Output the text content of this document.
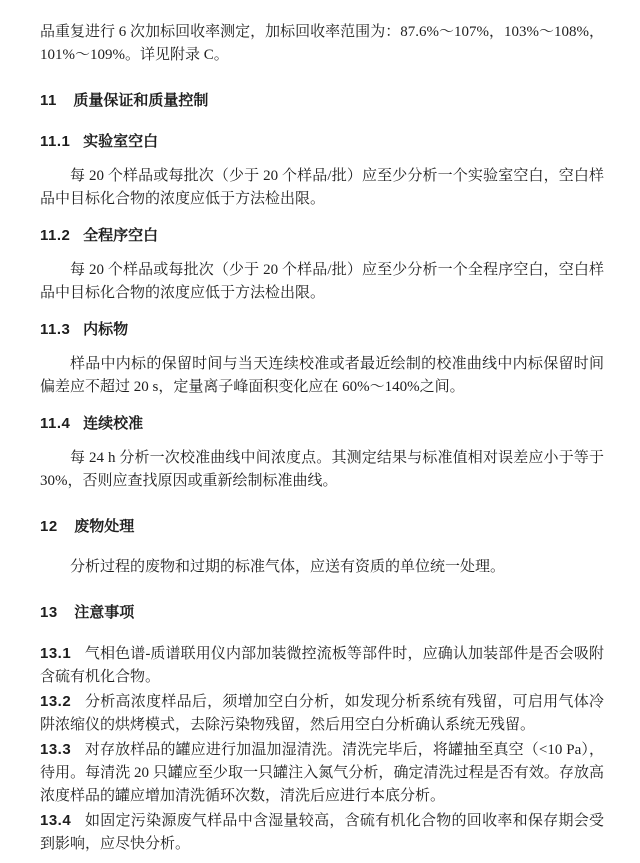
品重复进行 6 次加标回收率测定，加标回收率范围为：87.6%～107%，103%～108%，101%～109%。详见附录 C。

11 质量保证和质量控制
11.1 实验室空白

每 20 个样品或每批次（少于 20 个样品/批）应至少分析一个实验室空白，空白样品中目标化合物的浓度应低于方法检出限。

11.2 全程序空白

每 20 个样品或每批次（少于 20 个样品/批）应至少分析一个全程序空白，空白样品中目标化合物的浓度应低于方法检出限。

11.3 内标物

样品中内标的保留时间与当天连续校准或者最近绘制的校准曲线中内标保留时间偏差应不超过 20 s，定量离子峰面积变化应在 60%～140%之间。

11.4 连续校准

每 24 h 分析一次校准曲线中间浓度点。其测定结果与标准值相对误差应小于等于 30%，否则应查找原因或重新绘制标准曲线。

12 废物处理

分析过程的废物和过期的标准气体，应送有资质的单位统一处理。

13 注意事项

13.1 气相色谱-质谱联用仪内部加装微控流板等部件时，应确认加装部件是否会吸附含硫有机化合物。

13.2 分析高浓度样品后，须增加空白分析，如发现分析系统有残留，可启用气体冷阱浓缩仪的烘烤模式，去除污染物残留，然后用空白分析确认系统无残留。

13.3 对存放样品的罐应进行加温加湿清洗。清洗完毕后，将罐抽至真空（<10 Pa），待用。每清洗 20 只罐应至少取一只罐注入氮气分析，确定清洗过程是否有效。存放高浓度样品的罐应增加清洗循环次数，清洗后应进行本底分析。

13.4 如固定污染源废气样品中含湿量较高，含硫有机化合物的回收率和保存期会受到影响，应尽快分析。
